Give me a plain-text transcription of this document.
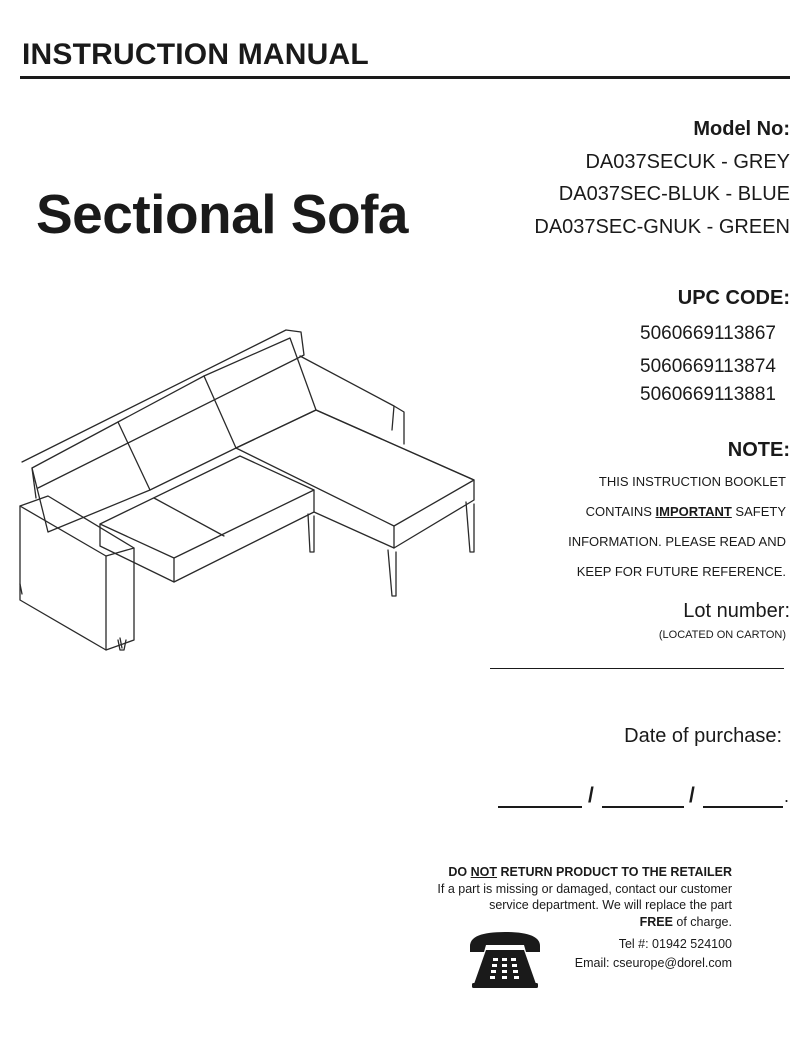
INSTRUCTION MANUAL
Sectional Sofa
Model No:
DA037SECUK - GREY
DA037SEC-BLUK - BLUE
DA037SEC-GNUK - GREEN
UPC CODE:
5060669113867
5060669113874
5060669113881
NOTE:
THIS INSTRUCTION BOOKLET
CONTAINS IMPORTANT SAFETY
INFORMATION. PLEASE READ AND
KEEP FOR FUTURE REFERENCE.
Lot number:
(LOCATED ON CARTON)
Date of purchase:
/	/	.
DO NOT RETURN PRODUCT TO THE RETAILER
If a part is missing or damaged, contact our customer
service department. We will replace the part
FREE of charge.
Tel #: 01942 524100
Email: cseurope@dorel.com
